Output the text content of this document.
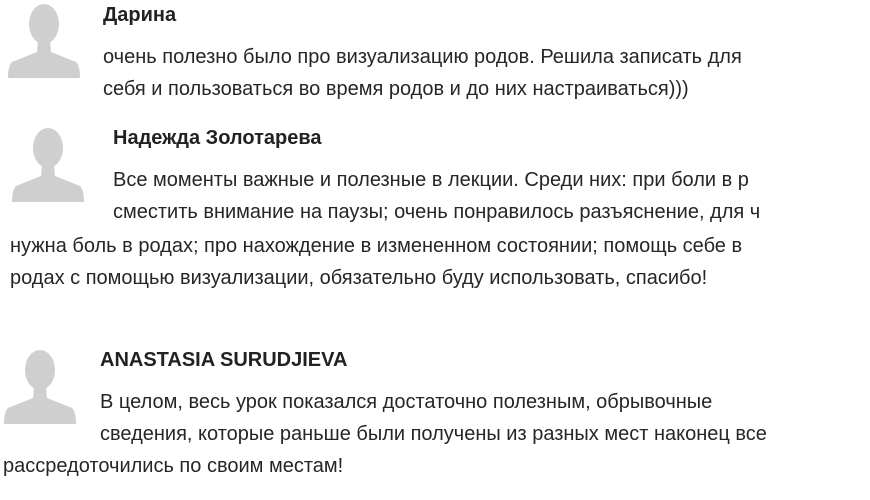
Дарина
очень полезно было про визуализацию родов. Решила записать для
себя и пользоваться во время родов и до них настраиваться)))
Надежда Золотарева
Все моменты важные и полезные в лекции. Среди них: при боли в р
сместить внимание на паузы; очень понравилось разъяснение, для ч
нужна боль в родах; про нахождение в измененном состоянии; помощь себе в
родах с помощью визуализации, обязательно буду использовать, спасибо!
ANASTASIA SURUDJIEVA
В целом, весь урок показался достаточно полезным, обрывочные
сведения, которые раньше были получены из разных мест наконец все
рассредоточились по своим местам!
